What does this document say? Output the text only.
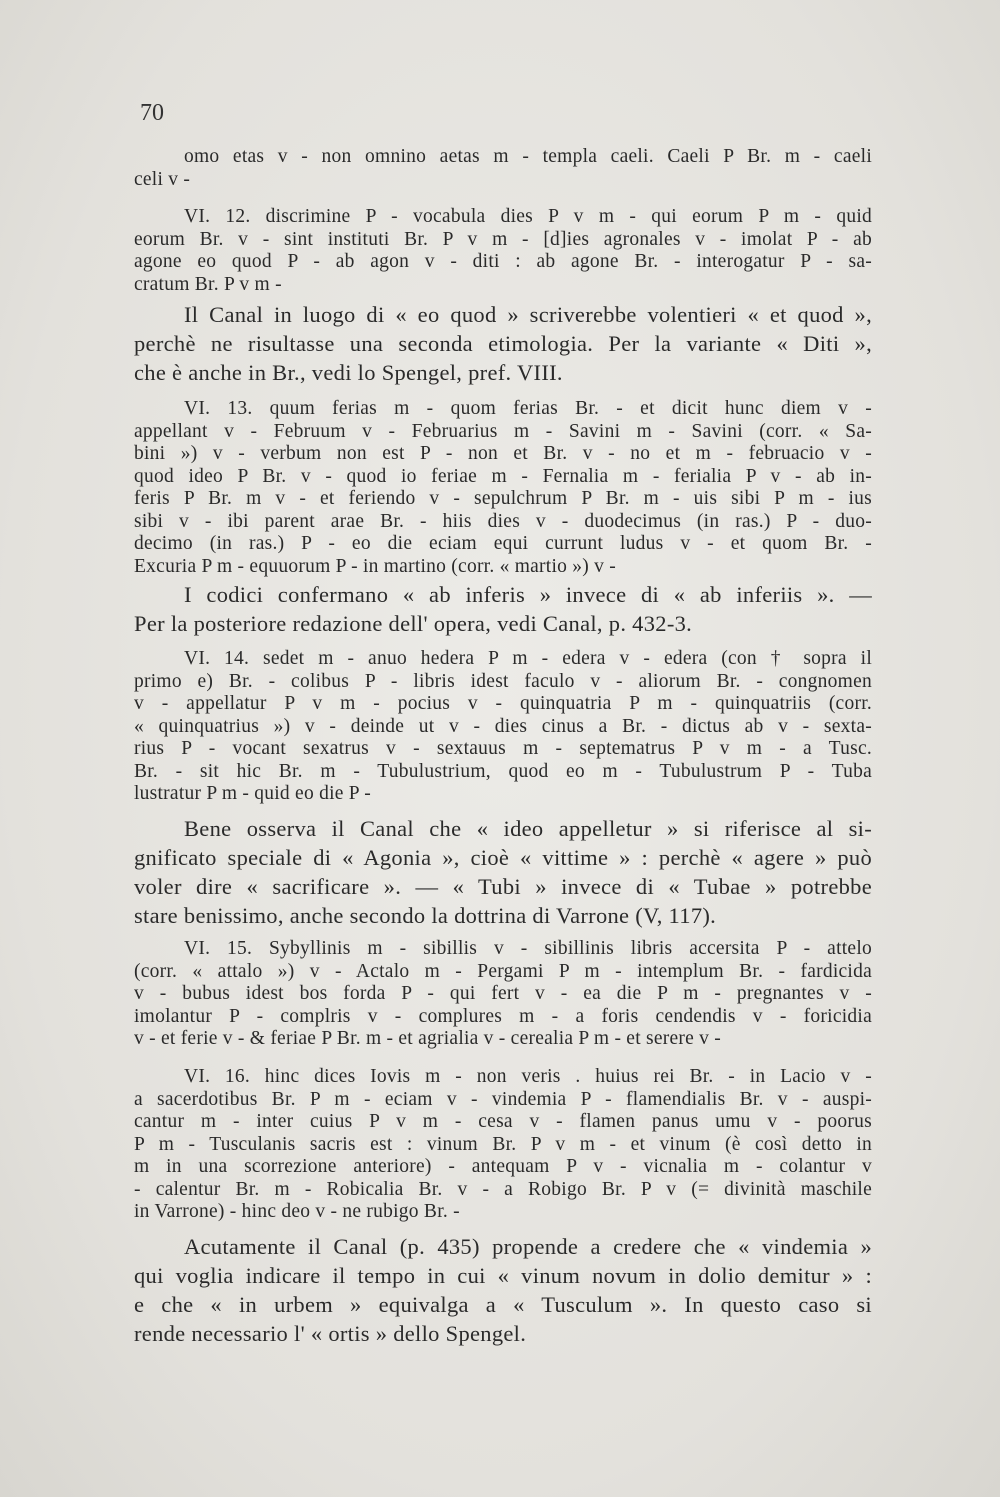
70
omo etas v - non omnino aetas m - templa caeli. Caeli P Br. m - caeli
celi v -
VI. 12. discrimine P - vocabula dies P v m - qui eorum P m - quid
eorum Br. v - sint instituti Br. P v m - [d]ies agronales v - imolat P - ab
agone eo quod P - ab agon v - diti : ab agone Br. - interogatur P - sa-
cratum Br. P v m -
Il Canal in luogo di « eo quod » scriverebbe volentieri « et quod »,
perchè ne risultasse una seconda etimologia. Per la variante « Diti »,
che è anche in Br., vedi lo Spengel, pref. VIII.
VI. 13. quum ferias m - quom ferias Br. - et dicit hunc diem v -
appellant v - Februum v - Februarius m - Savini m - Savini (corr. « Sa-
bini ») v - verbum non est P - non et Br. v - no et m - februacio v -
quod ideo P Br. v - quod io feriae m - Fernalia m - ferialia P v - ab in-
feris P Br. m v - et feriendo v - sepulchrum P Br. m - uis sibi P m - ius
sibi v - ibi parent arae Br. - hiis dies v - duodecimus (in ras.) P - duo-
decimo (in ras.) P - eo die eciam equi currunt ludus v - et quom Br. -
Excuria P m - equuorum P - in martino (corr. « martio ») v -
I codici confermano « ab inferis » invece di « ab inferiis ». —
Per la posteriore redazione dell' opera, vedi Canal, p. 432-3.
VI. 14. sedet m - anuo hedera P m - edera v - edera (con † sopra il
primo e) Br. - colibus P - libris idest faculo v - aliorum Br. - congnomen
v - appellatur P v m - pocius v - quinquatria P m - quinquatriis (corr.
« quinquatrius ») v - deinde ut v - dies cinus a Br. - dictus ab v - sexta-
rius P - vocant sexatrus v - sextauus m - septematrus P v m - a Tusc.
Br. - sit hic Br. m - Tubulustrium, quod eo m - Tubulustrum P - Tuba
lustratur P m - quid eo die P -
Bene osserva il Canal che « ideo appelletur » si riferisce al si-
gnificato speciale di « Agonia », cioè « vittime » : perchè « agere » può
voler dire « sacrificare ». — « Tubi » invece di « Tubae » potrebbe
stare benissimo, anche secondo la dottrina di Varrone (V, 117).
VI. 15. Sybyllinis m - sibillis v - sibillinis libris accersita P - attelo
(corr. « attalo ») v - Actalo m - Pergami P m - intemplum Br. - fardicida
v - bubus idest bos forda P - qui fert v - ea die P m - pregnantes v -
imolantur P - complris v - complures m - a foris cendendis v - foricidia
v - et ferie v - & feriae P Br. m - et agrialia v - cerealia P m - et serere v -
VI. 16. hinc dices Iovis m - non veris . huius rei Br. - in Lacio v -
a sacerdotibus Br. P m - eciam v - vindemia P - flamendialis Br. v - auspi-
cantur m - inter cuius P v m - cesa v - flamen panus umu v - poorus
P m - Tusculanis sacris est : vinum Br. P v m - et vinum (è così detto in
m in una scorrezione anteriore) - antequam P v - vicnalia m - colantur v
- calentur Br. m - Robicalia Br. v - a Robigo Br. P v (= divinità maschile
in Varrone) - hinc deo v - ne rubigo Br. -
Acutamente il Canal (p. 435) propende a credere che « vindemia »
qui voglia indicare il tempo in cui « vinum novum in dolio demitur » :
e che « in urbem » equivalga a « Tusculum ». In questo caso si
rende necessario l' « ortis » dello Spengel.
